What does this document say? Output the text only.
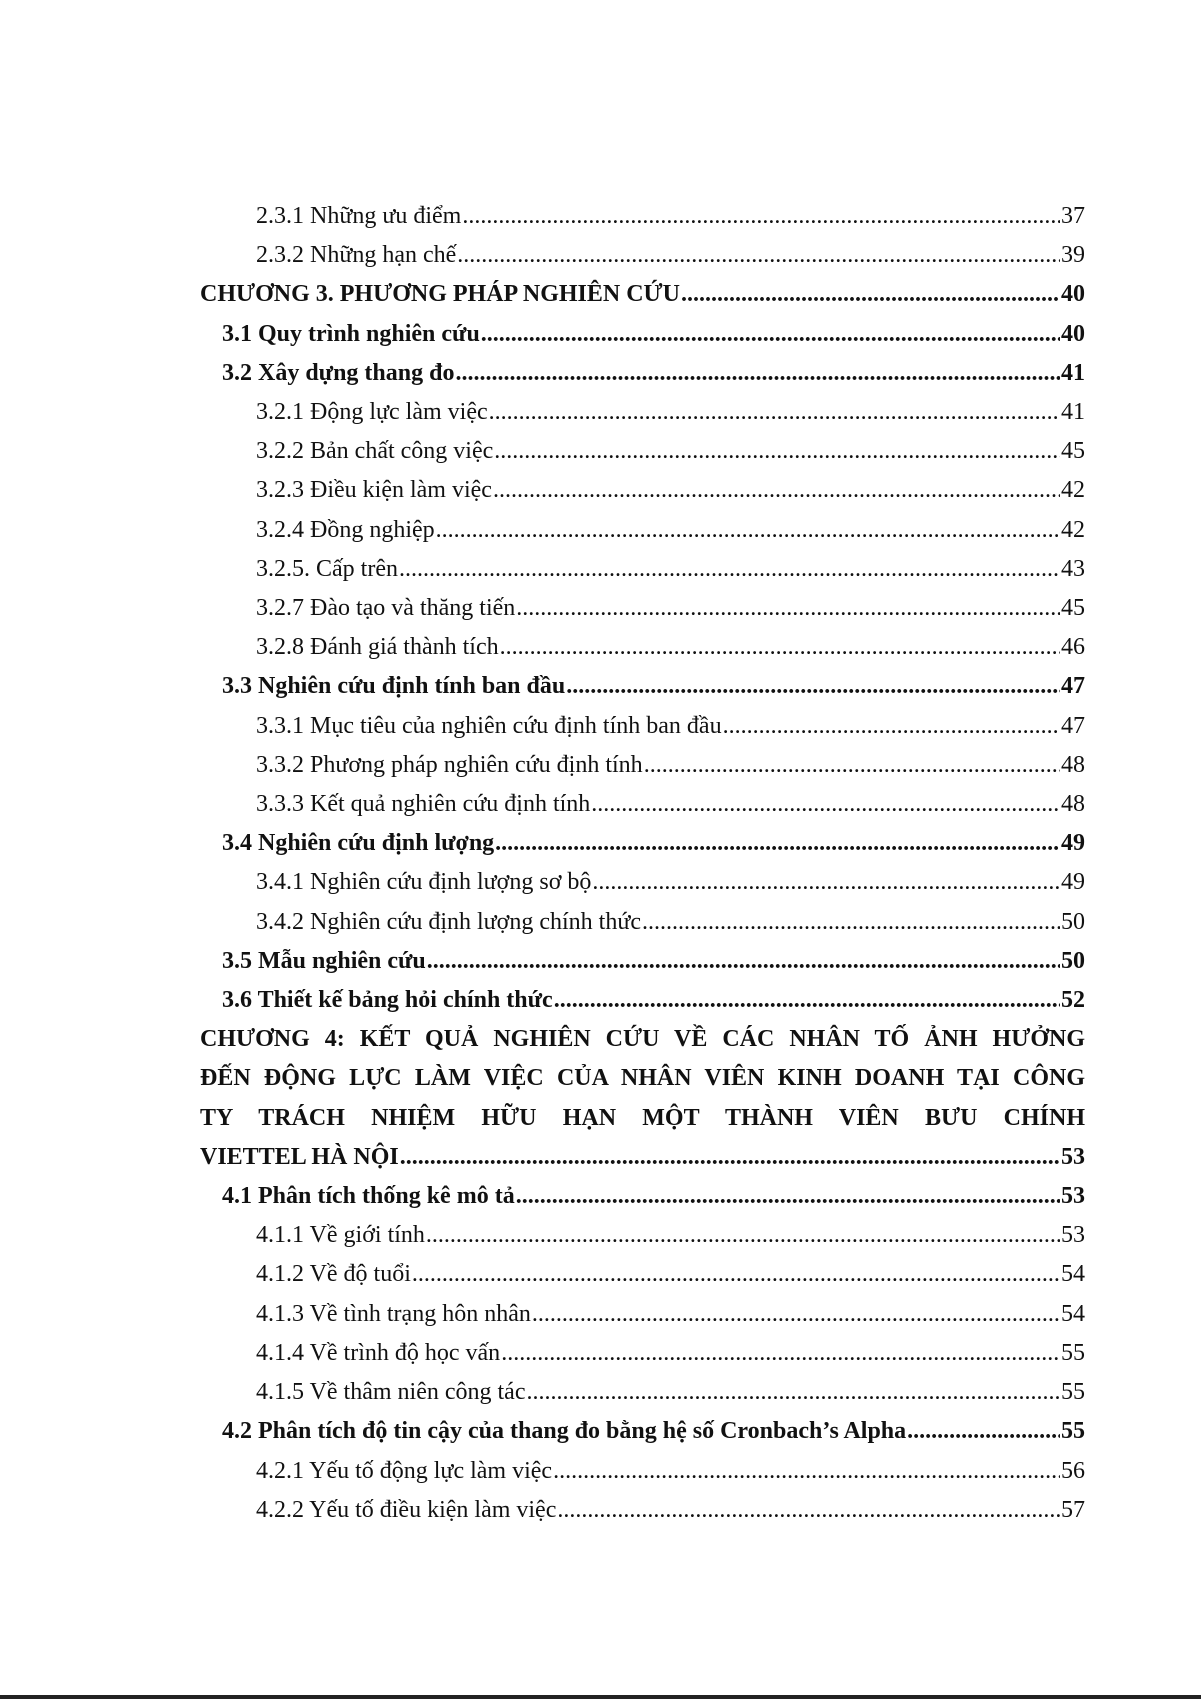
2.3.1 Những ưu điểm .....	37
2.3.2 Những hạn chế .....	39
CHƯƠNG 3. PHƯƠNG PHÁP NGHIÊN CỨU .....	40
3.1 Quy trình nghiên cứu .....	40
3.2 Xây dựng thang đo .....	41
3.2.1 Động lực làm việc .....	41
3.2.2 Bản chất công việc .....	45
3.2.3 Điều kiện làm việc .....	42
3.2.4 Đồng nghiệp .....	42
3.2.5. Cấp trên .....	43
3.2.7 Đào tạo và thăng tiến .....	45
3.2.8 Đánh giá thành tích .....	46
3.3 Nghiên cứu định tính ban đầu .....	47
3.3.1 Mục tiêu của nghiên cứu định tính ban đầu .....	47
3.3.2 Phương pháp nghiên cứu định tính .....	48
3.3.3 Kết quả nghiên cứu định tính .....	48
3.4 Nghiên cứu định lượng .....	49
3.4.1 Nghiên cứu định lượng sơ bộ .....	49
3.4.2 Nghiên cứu định lượng chính thức .....	50
3.5 Mẫu nghiên cứu .....	50
3.6 Thiết kế bảng hỏi chính thức .....	52
CHƯƠNG 4: KẾT QUẢ NGHIÊN CỨU VỀ CÁC NHÂN TỐ ẢNH HƯỞNG
ĐẾN ĐỘNG LỰC LÀM VIỆC CỦA NHÂN VIÊN KINH DOANH TẠI CÔNG
TY TRÁCH NHIỆM HỮU HẠN MỘT THÀNH VIÊN BƯU CHÍNH
VIETTEL HÀ NỘI .....	53
4.1 Phân tích thống kê mô tả .....	53
4.1.1 Về giới tính .....	53
4.1.2 Về độ tuổi .....	54
4.1.3 Về tình trạng hôn nhân .....	54
4.1.4 Về trình độ học vấn .....	55
4.1.5 Về thâm niên công tác .....	55
4.2 Phân tích độ tin cậy của thang đo bằng hệ số Cronbach’s Alpha .....	55
4.2.1 Yếu tố động lực làm việc .....	56
4.2.2 Yếu tố điều kiện làm việc .....	57
